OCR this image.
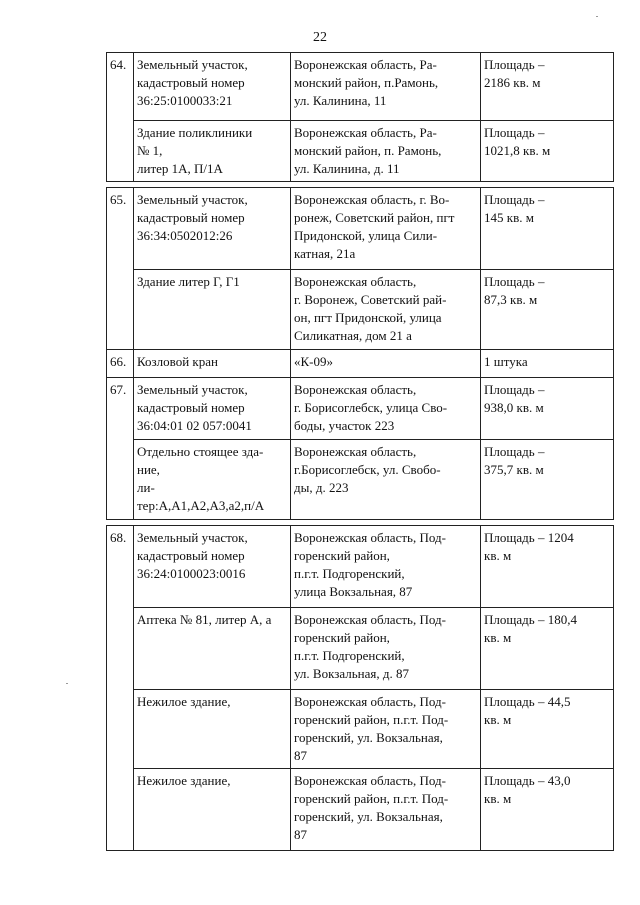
22
64.	Земельный участок,
кадастровый номер
36:25:0100033:21	Воронежская область, Ра-
монский район, п.Рамонь,
ул. Калинина, 11	Площадь –
2186 кв. м
	Здание поликлиники
№ 1,
литер 1А, П/1А	Воронежская область, Ра-
монский район, п. Рамонь,
ул. Калинина, д. 11	Площадь –
1021,8 кв. м

65.	Земельный участок,
кадастровый номер
36:34:0502012:26	Воронежская область, г. Во-
ронеж, Советский район, пгт
Придонской, улица Сили-
катная, 21а	Площадь –
145 кв. м
	Здание литер Г, Г1	Воронежская область,
г. Воронеж, Советский рай-
он, пгт Придонской, улица
Силикатная, дом 21 а	Площадь –
87,3 кв. м
66.	Козловой кран	«К-09»	1 штука
67.	Земельный участок,
кадастровый номер
36:04:01 02 057:0041	Воронежская область,
г. Борисоглебск, улица Сво-
боды, участок 223	Площадь –
938,0 кв. м
	Отдельно стоящее зда-
ние,
ли-
тер:А,А1,А2,А3,а2,п/А	Воронежская область,
г.Борисоглебск, ул. Свобо-
ды, д. 223	Площадь –
375,7 кв. м

68.	Земельный участок,
кадастровый номер
36:24:0100023:0016	Воронежская область, Под-
горенский район,
п.г.т. Подгоренский,
улица Вокзальная, 87	Площадь – 1204
кв. м
	Аптека № 81, литер А, а	Воронежская область, Под-
горенский район,
п.г.т. Подгоренский,
ул. Вокзальная, д. 87	Площадь – 180,4
кв. м
	Нежилое здание,	Воронежская область, Под-
горенский район, п.г.т. Под-
горенский, ул. Вокзальная,
87	Площадь – 44,5
кв. м
	Нежилое здание,	Воронежская область, Под-
горенский район, п.г.т. Под-
горенский, ул. Вокзальная,
87	Площадь – 43,0
кв. м
